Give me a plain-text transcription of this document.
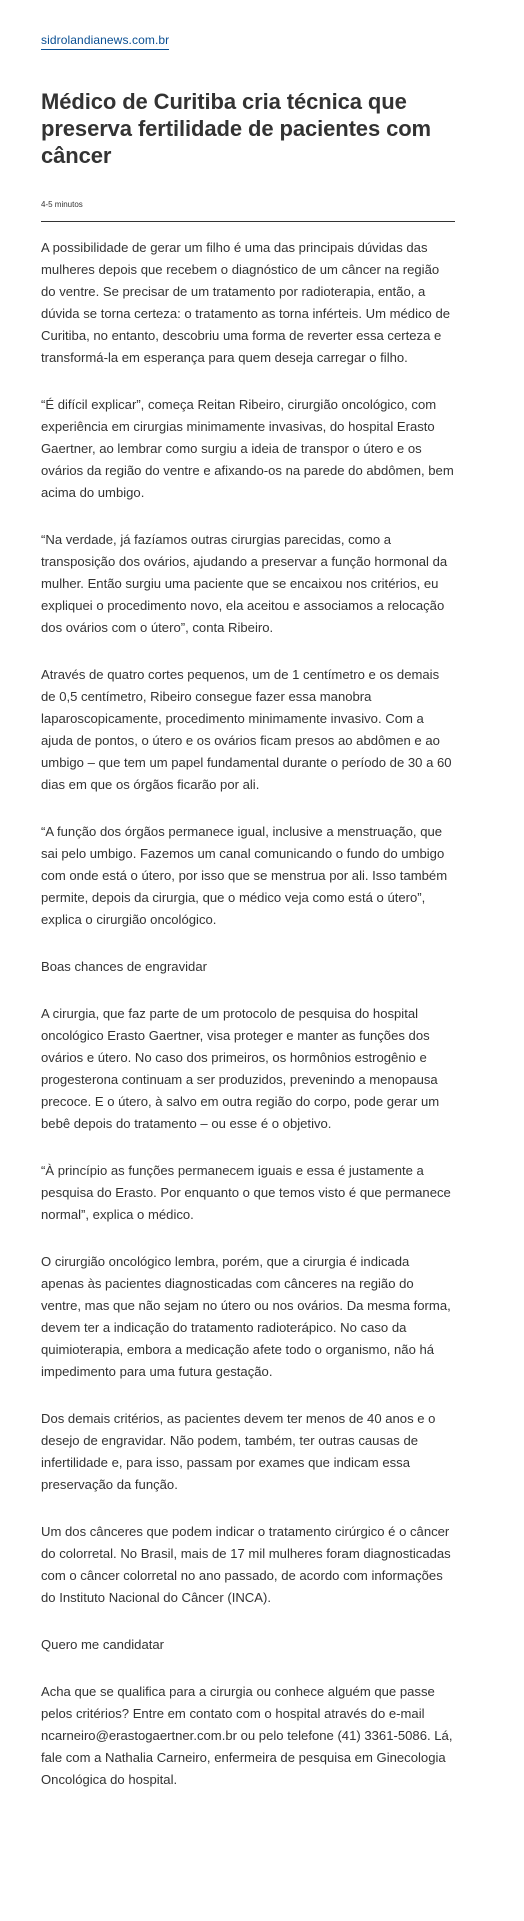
sidrolandianews.com.br
Médico de Curitiba cria técnica que preserva fertilidade de pacientes com câncer
4-5 minutos

A possibilidade de gerar um filho é uma das principais dúvidas das mulheres depois que recebem o diagnóstico de um câncer na região do ventre. Se precisar de um tratamento por radioterapia, então, a dúvida se torna certeza: o tratamento as torna inférteis. Um médico de Curitiba, no entanto, descobriu uma forma de reverter essa certeza e transformá-la em esperança para quem deseja carregar o filho.

“É difícil explicar”, começa Reitan Ribeiro, cirurgião oncológico, com experiência em cirurgias minimamente invasivas, do hospital Erasto Gaertner, ao lembrar como surgiu a ideia de transpor o útero e os ovários da região do ventre e afixando-os na parede do abdômen, bem acima do umbigo.

“Na verdade, já fazíamos outras cirurgias parecidas, como a transposição dos ovários, ajudando a preservar a função hormonal da mulher. Então surgiu uma paciente que se encaixou nos critérios, eu expliquei o procedimento novo, ela aceitou e associamos a relocação dos ovários com o útero”, conta Ribeiro.

Através de quatro cortes pequenos, um de 1 centímetro e os demais de 0,5 centímetro, Ribeiro consegue fazer essa manobra laparoscopicamente, procedimento minimamente invasivo. Com a ajuda de pontos, o útero e os ovários ficam presos ao abdômen e ao umbigo – que tem um papel fundamental durante o período de 30 a 60 dias em que os órgãos ficarão por ali.

“A função dos órgãos permanece igual, inclusive a menstruação, que sai pelo umbigo. Fazemos um canal comunicando o fundo do umbigo com onde está o útero, por isso que se menstrua por ali. Isso também permite, depois da cirurgia, que o médico veja como está o útero”, explica o cirurgião oncológico.

Boas chances de engravidar

A cirurgia, que faz parte de um protocolo de pesquisa do hospital oncológico Erasto Gaertner, visa proteger e manter as funções dos ovários e útero. No caso dos primeiros, os hormônios estrogênio e progesterona continuam a ser produzidos, prevenindo a menopausa precoce. E o útero, à salvo em outra região do corpo, pode gerar um bebê depois do tratamento – ou esse é o objetivo.

“À princípio as funções permanecem iguais e essa é justamente a pesquisa do Erasto. Por enquanto o que temos visto é que permanece normal”, explica o médico.

O cirurgião oncológico lembra, porém, que a cirurgia é indicada apenas às pacientes diagnosticadas com cânceres na região do ventre, mas que não sejam no útero ou nos ovários. Da mesma forma, devem ter a indicação do tratamento radioterápico. No caso da quimioterapia, embora a medicação afete todo o organismo, não há impedimento para uma futura gestação.

Dos demais critérios, as pacientes devem ter menos de 40 anos e o desejo de engravidar. Não podem, também, ter outras causas de infertilidade e, para isso, passam por exames que indicam essa preservação da função.

Um dos cânceres que podem indicar o tratamento cirúrgico é o câncer do colorretal. No Brasil, mais de 17 mil mulheres foram diagnosticadas com o câncer colorretal no ano passado, de acordo com informações do Instituto Nacional do Câncer (INCA).

Quero me candidatar

Acha que se qualifica para a cirurgia ou conhece alguém que passe pelos critérios? Entre em contato com o hospital através do e-mail ncarneiro@erastogaertner.com.br ou pelo telefone (41) 3361-5086. Lá, fale com a Nathalia Carneiro, enfermeira de pesquisa em Ginecologia Oncológica do hospital.
